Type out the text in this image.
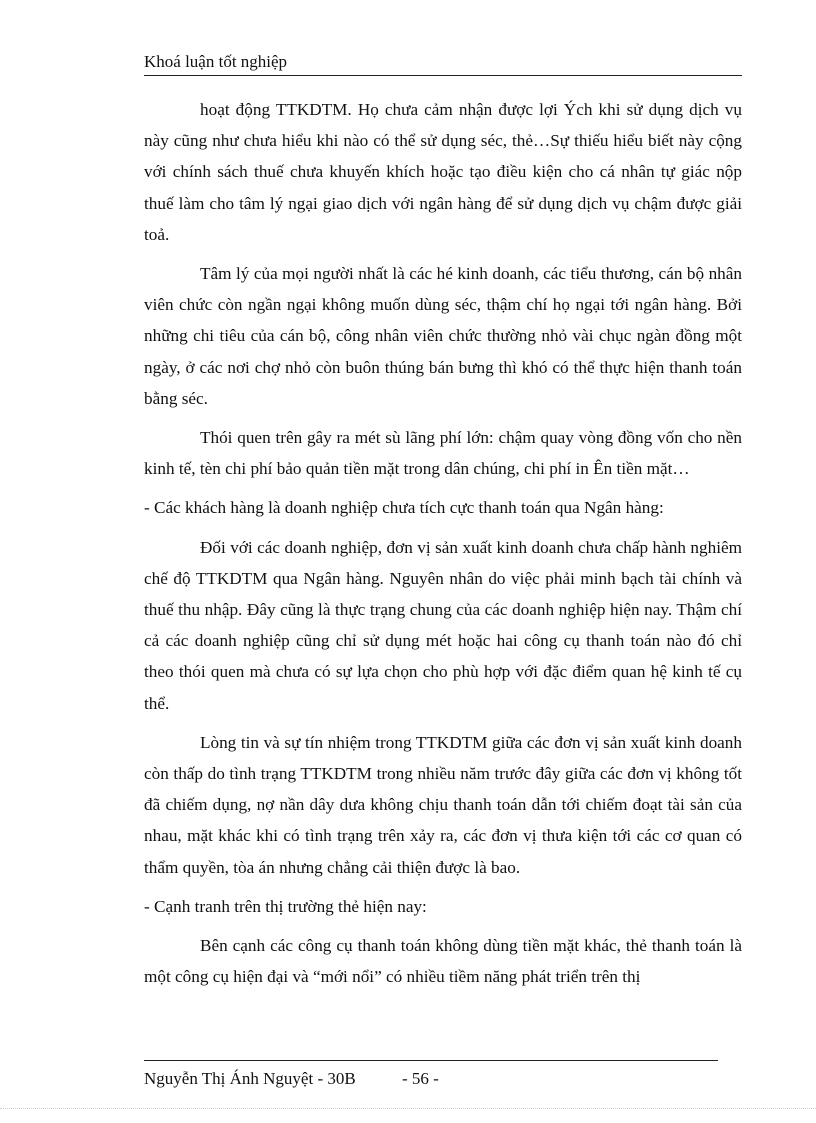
Khoá luận tốt nghiệp

hoạt động TTKDTM. Họ chưa cảm nhận được lợi Ých khi sử dụng dịch vụ này cũng như chưa hiểu khi nào có thể sử dụng séc, thẻ…Sự thiếu hiểu biết này cộng với chính sách thuế chưa khuyến khích hoặc tạo điều kiện cho cá nhân tự giác nộp thuế làm cho tâm lý ngại giao dịch với ngân hàng để sử dụng dịch vụ chậm được giải toả.

Tâm lý của mọi người nhất là các hé kinh doanh, các tiểu thương, cán bộ nhân viên chức còn ngần ngại không muốn dùng séc, thậm chí họ ngại tới ngân hàng. Bởi những chi tiêu của cán bộ, công nhân viên chức thường nhỏ vài chục ngàn đồng một ngày, ở các nơi chợ nhỏ còn buôn thúng bán bưng thì khó có thể thực hiện thanh toán bằng séc.

Thói quen trên gây ra mét sù lãng phí lớn: chậm quay vòng đồng vốn cho nền kinh tế, tèn chi phí bảo quản tiền mặt trong dân chúng, chi phí in Ên tiền mặt…

- Các khách hàng là doanh nghiệp chưa tích cực thanh toán qua Ngân hàng:

Đối với các doanh nghiệp, đơn vị sản xuất kinh doanh chưa chấp hành nghiêm chế độ TTKDTM qua Ngân hàng. Nguyên nhân do việc phải minh bạch tài chính và thuế thu nhập. Đây cũng là thực trạng chung của các doanh nghiệp hiện nay. Thậm chí cả các doanh nghiệp cũng chỉ sử dụng mét hoặc hai công cụ thanh toán nào đó chỉ theo thói quen mà chưa có sự lựa chọn cho phù hợp với đặc điểm quan hệ kinh tế cụ thể.

Lòng tin và sự tín nhiệm trong TTKDTM giữa các đơn vị sản xuất kinh doanh còn thấp do tình trạng TTKDTM trong nhiều năm trước đây giữa các đơn vị không tốt đã chiếm dụng, nợ nần dây dưa không chịu thanh toán dẫn tới chiếm đoạt tài sản của nhau, mặt khác khi có tình trạng trên xảy ra, các đơn vị thưa kiện tới các cơ quan có thẩm quyền, tòa án nhưng chẳng cải thiện được là bao.

- Cạnh tranh trên thị trường thẻ hiện nay:

Bên cạnh các công cụ thanh toán không dùng tiền mặt khác, thẻ thanh toán là một công cụ hiện đại và “mới nổi” có nhiều tiềm năng phát triển trên thị

Nguyễn Thị Ánh Nguyệt - 30B	- 56 -
